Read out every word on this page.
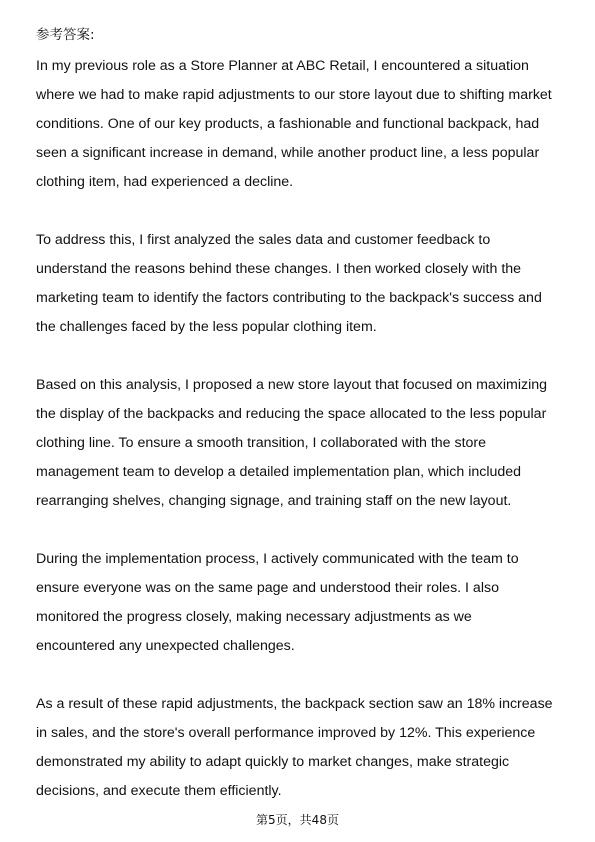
参考答案:

In my previous role as a Store Planner at ABC Retail, I encountered a situation
where we had to make rapid adjustments to our store layout due to shifting market
conditions. One of our key products, a fashionable and functional backpack, had
seen a significant increase in demand, while another product line, a less popular
clothing item, had experienced a decline.

To address this, I first analyzed the sales data and customer feedback to
understand the reasons behind these changes. I then worked closely with the
marketing team to identify the factors contributing to the backpack's success and
the challenges faced by the less popular clothing item.

Based on this analysis, I proposed a new store layout that focused on maximizing
the display of the backpacks and reducing the space allocated to the less popular
clothing line. To ensure a smooth transition, I collaborated with the store
management team to develop a detailed implementation plan, which included
rearranging shelves, changing signage, and training staff on the new layout.

During the implementation process, I actively communicated with the team to
ensure everyone was on the same page and understood their roles. I also
monitored the progress closely, making necessary adjustments as we
encountered any unexpected challenges.

As a result of these rapid adjustments, the backpack section saw an 18% increase
in sales, and the store's overall performance improved by 12%. This experience
demonstrated my ability to adapt quickly to market changes, make strategic
decisions, and execute them efficiently.

第5页，共48页
